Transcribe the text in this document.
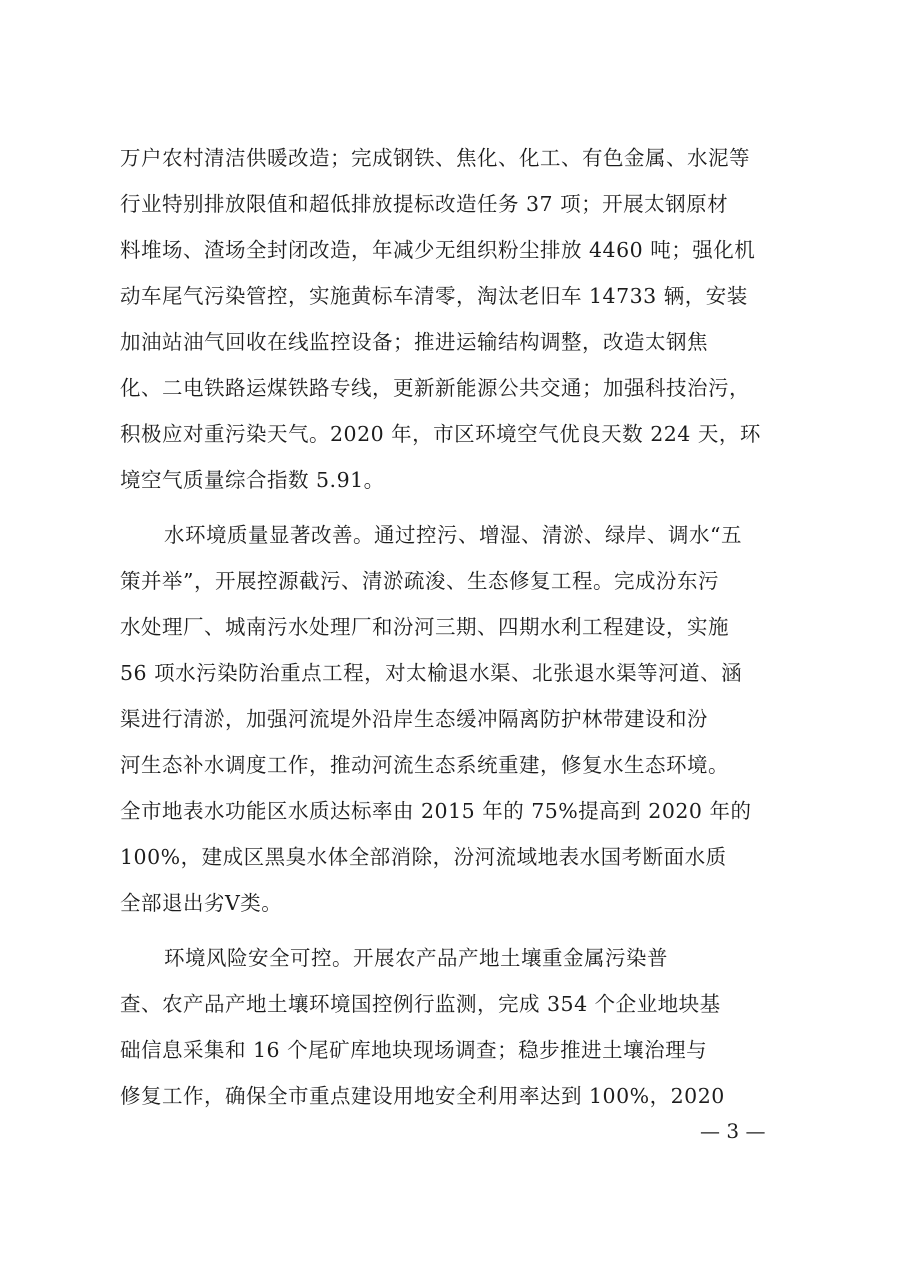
万户农村清洁供暖改造；完成钢铁、焦化、化工、有色金属、水泥等
行业特别排放限值和超低排放提标改造任务 37 项；开展太钢原材
料堆场、渣场全封闭改造，年减少无组织粉尘排放 4460 吨；强化机
动车尾气污染管控，实施黄标车清零，淘汰老旧车 14733 辆，安装
加油站油气回收在线监控设备；推进运输结构调整，改造太钢焦
化、二电铁路运煤铁路专线，更新新能源公共交通；加强科技治污，
积极应对重污染天气。2020 年，市区环境空气优良天数 224 天，环
境空气质量综合指数 5.91。
水环境质量显著改善。通过控污、增湿、清淤、绿岸、调水“五
策并举”，开展控源截污、清淤疏浚、生态修复工程。完成汾东污
水处理厂、城南污水处理厂和汾河三期、四期水利工程建设，实施
56 项水污染防治重点工程，对太榆退水渠、北张退水渠等河道、涵
渠进行清淤，加强河流堤外沿岸生态缓冲隔离防护林带建设和汾
河生态补水调度工作，推动河流生态系统重建，修复水生态环境。
全市地表水功能区水质达标率由 2015 年的 75%提高到 2020 年的
100%，建成区黑臭水体全部消除，汾河流域地表水国考断面水质
全部退出劣Ⅴ类。
环境风险安全可控。开展农产品产地土壤重金属污染普
查、农产品产地土壤环境国控例行监测，完成 354 个企业地块基
础信息采集和 16 个尾矿库地块现场调查；稳步推进土壤治理与
修复工作，确保全市重点建设用地安全利用率达到 100%，2020
— 3 —
